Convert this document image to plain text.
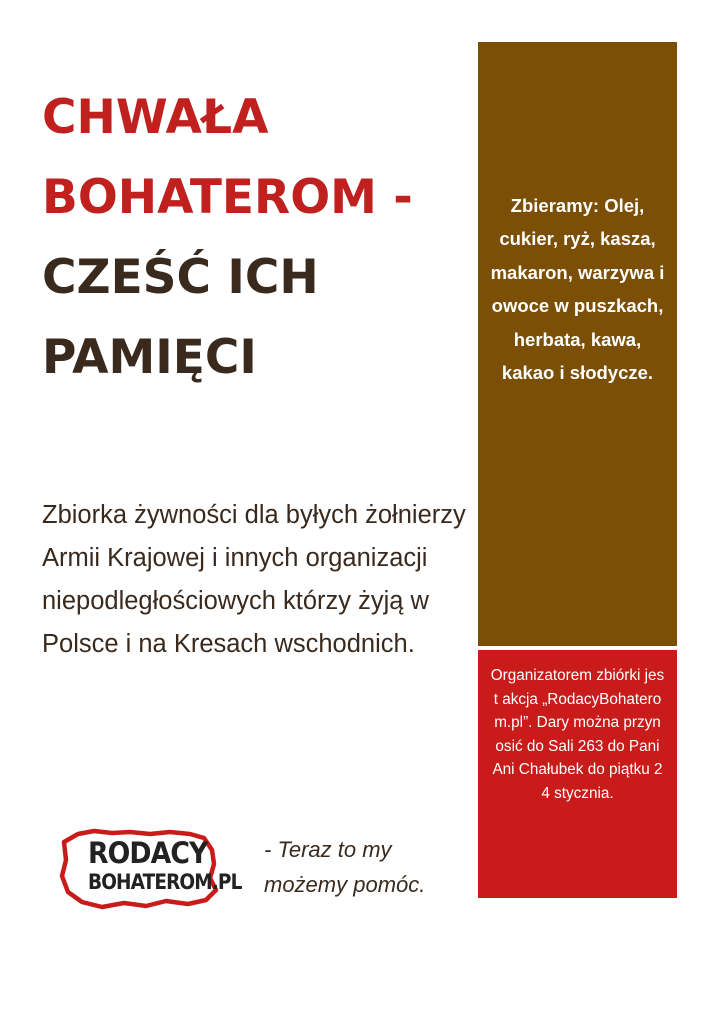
CHWAŁA
BOHATEROM -
CZEŚĆ ICH
PAMIĘCI
Zbiorka żywności dla byłych żołnierzy Armii Krajowej i innych organizacji niepodległościowych którzy żyją w Polsce i na Kresach wschodnich.

Zbieramy: Olej, cukier, ryż, kasza, makaron, warzywa i owoce w puszkach, herbata, kawa, kakao i słodycze.

Organizatorem zbiórki jest akcja „RodacyBohaterom.pl”. Dary można przynosić do Sali 263 do Pani Ani Chałubek do piątku 24 stycznia.

RODACY
BOHATEROM.PL
- Teraz to my możemy pomóc.
